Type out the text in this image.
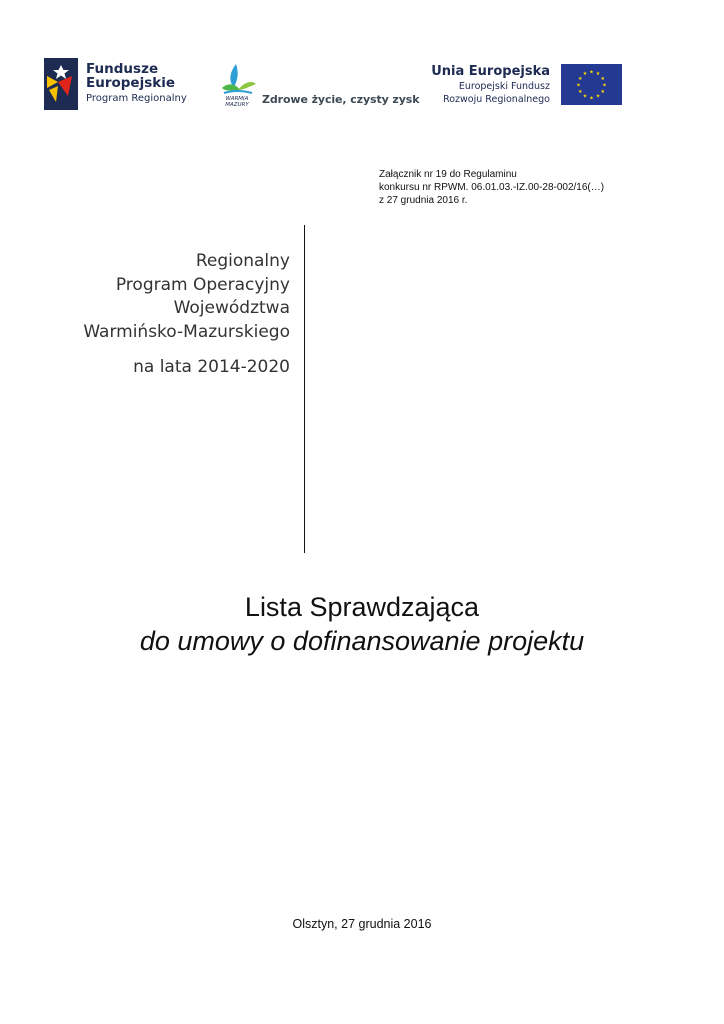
Fundusze
Europejskie
Program Regionalny	WARMIA
MAZURY Zdrowe życie, czysty zysk
Unia Europejska
Europejski Fundusz
Rozwoju Regionalnego
★ ★
★
★
★
★
★
★
★
★
★
★
Załącznik nr 19 do Regulaminu
konkursu nr RPWM. 06.01.03.-IZ.00-28-002/16(…)
z 27 grudnia 2016 r.
Regionalny
Program Operacyjny
Województwa
Warmińsko-Mazurskiego
na lata 2014-2020
Lista Sprawdzająca
do umowy o dofinansowanie projektu
Olsztyn, 27 grudnia 2016
